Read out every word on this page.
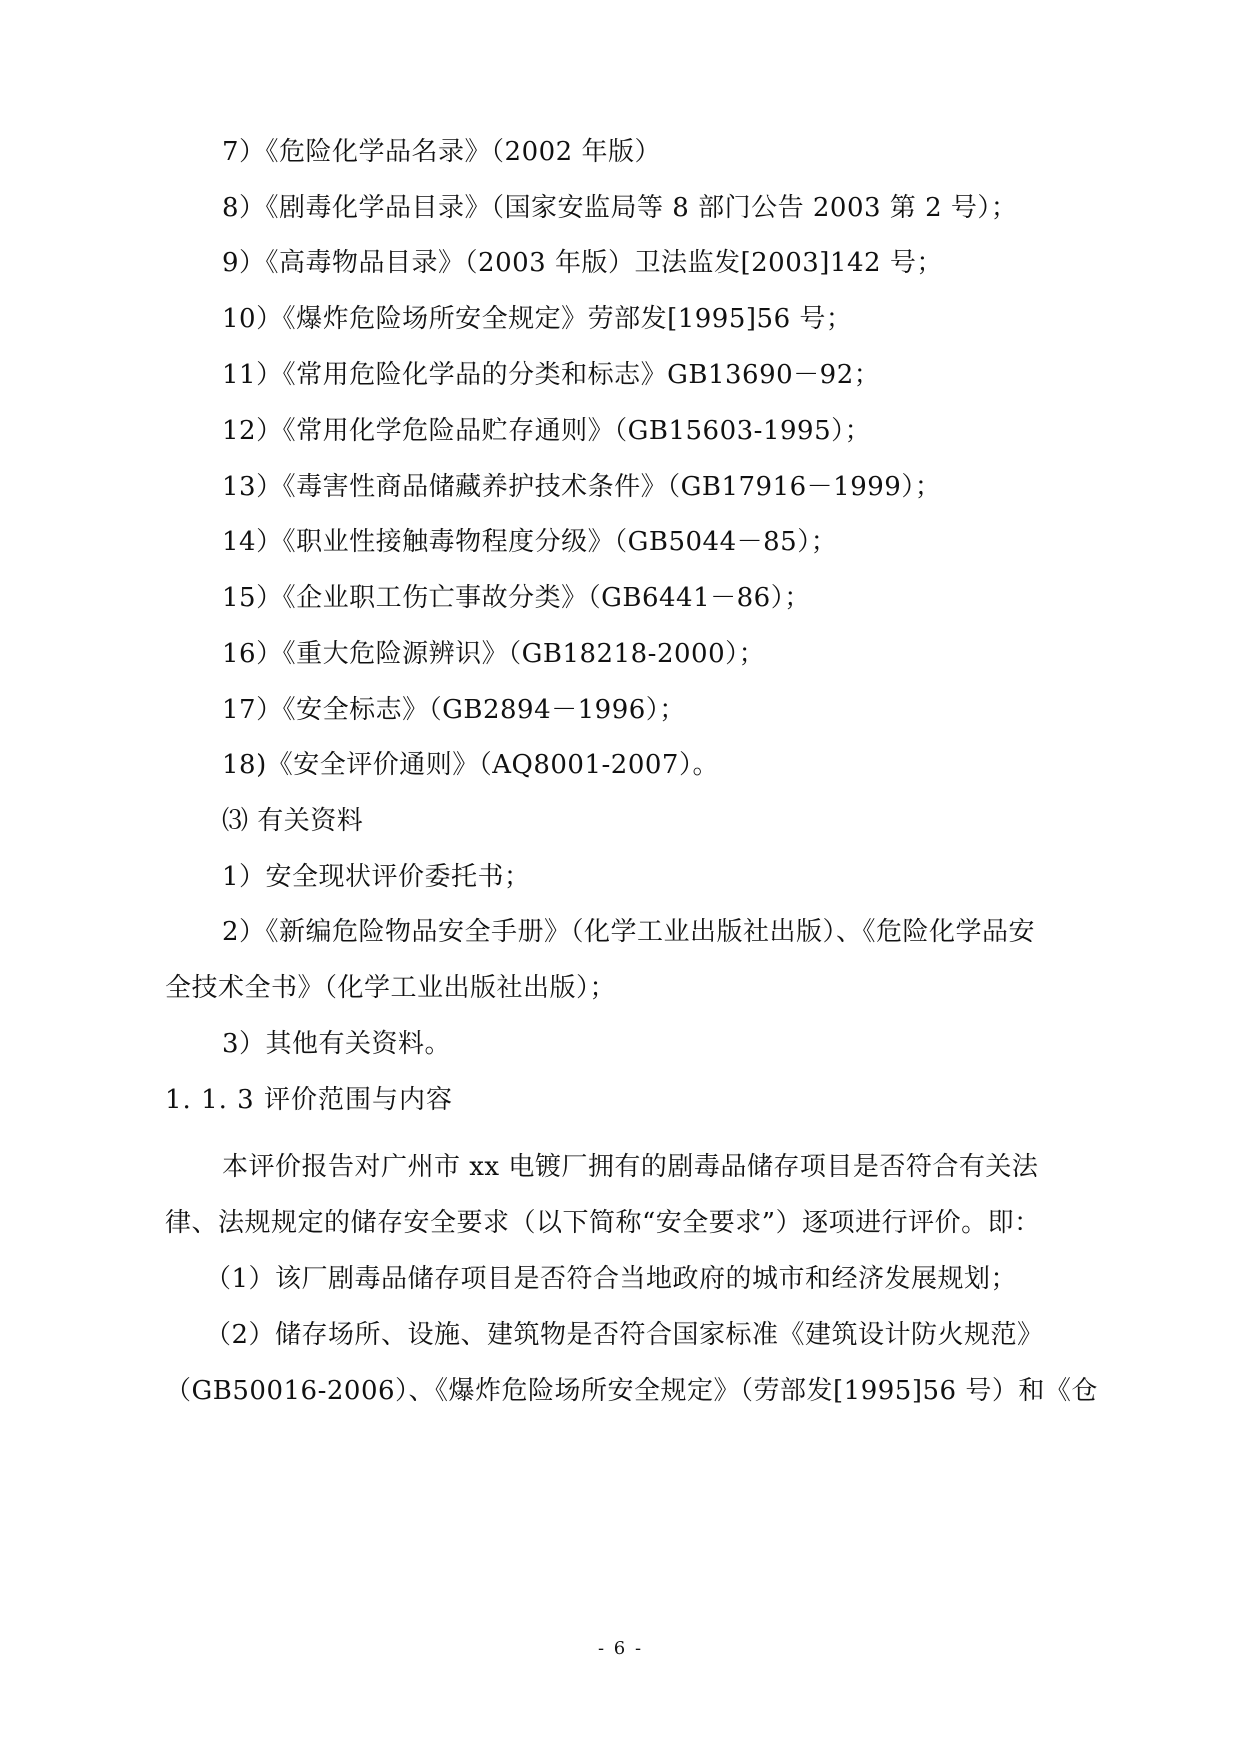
7）《危险化学品名录》（2002 年版）
8）《剧毒化学品目录》（国家安监局等 8 部门公告 2003 第 2 号）；
9）《高毒物品目录》（2003 年版）卫法监发[2003]142 号；
10）《爆炸危险场所安全规定》劳部发[1995]56 号；
11）《常用危险化学品的分类和标志》GB13690－92；
12）《常用化学危险品贮存通则》（GB15603-1995）；
13）《毒害性商品储藏养护技术条件》（GB17916－1999）；
14）《职业性接触毒物程度分级》（GB5044－85）；
15）《企业职工伤亡事故分类》（GB6441－86）；
16）《重大危险源辨识》（GB18218-2000）；
17）《安全标志》（GB2894－1996）；
18)《安全评价通则》（AQ8001-2007）。
⑶ 有关资料
1）安全现状评价委托书；
2）《新编危险物品安全手册》（化学工业出版社出版）、《危险化学品安
全技术全书》（化学工业出版社出版）；
3）其他有关资料。
1. 1. 3 评价范围与内容
本评价报告对广州市 xx 电镀厂拥有的剧毒品储存项目是否符合有关法
律、法规规定的储存安全要求（以下简称“安全要求”）逐项进行评价。即：
（1）该厂剧毒品储存项目是否符合当地政府的城市和经济发展规划；
（2）储存场所、设施、建筑物是否符合国家标准《建筑设计防火规范》
（GB50016-2006）、《爆炸危险场所安全规定》（劳部发[1995]56 号）和《仓
- 6 -
